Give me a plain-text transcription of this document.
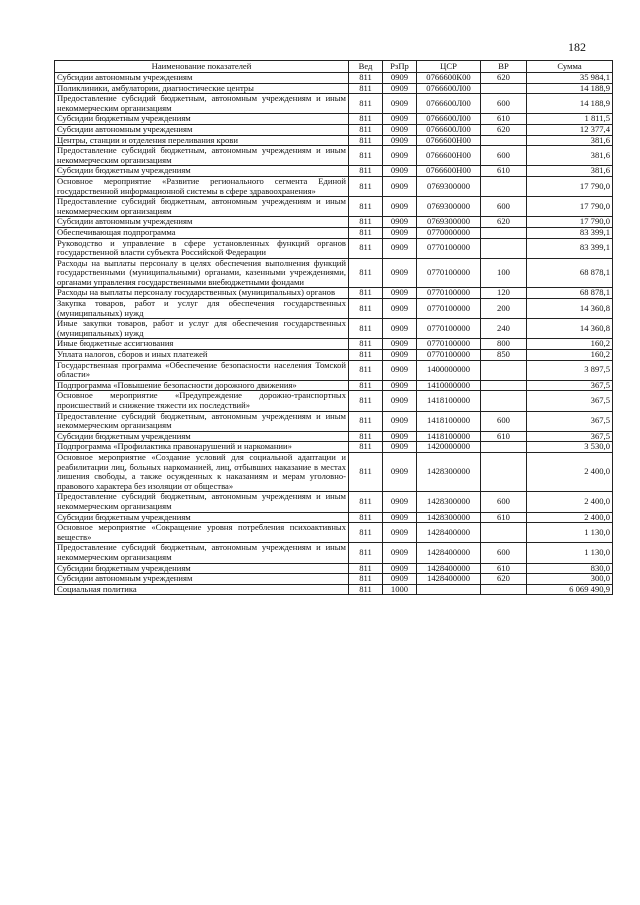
182
Наименование показателей	Вед	РзПр	ЦСР	ВР	Сумма
Субсидии автономным учреждениям	811	0909	0766600К00	620	35 984,1
Поликлиники, амбулатории, диагностические центры	811	0909	0766600Л00		14 188,9
Предоставление субсидий бюджетным, автономным учреждениям и иным некоммерческим организациям	811	0909	0766600Л00	600	14 188,9
Субсидии бюджетным учреждениям	811	0909	0766600Л00	610	1 811,5
Субсидии автономным учреждениям	811	0909	0766600Л00	620	12 377,4
Центры, станции и отделения переливания крови	811	0909	0766600Н00		381,6
Предоставление субсидий бюджетным, автономным учреждениям и иным некоммерческим организациям	811	0909	0766600Н00	600	381,6
Субсидии бюджетным учреждениям	811	0909	0766600Н00	610	381,6
Основное мероприятие «Развитие регионального сегмента Единой государственной информационной системы в сфере здравоохранения»	811	0909	0769300000		17 790,0
Предоставление субсидий бюджетным, автономным учреждениям и иным некоммерческим организациям	811	0909	0769300000	600	17 790,0
Субсидии автономным учреждениям	811	0909	0769300000	620	17 790,0
Обеспечивающая подпрограмма	811	0909	0770000000		83 399,1
Руководство и управление в сфере установленных функций органов государственной власти субъекта Российской Федерации	811	0909	0770100000		83 399,1
Расходы на выплаты персоналу в целях обеспечения выполнения функций государственными (муниципальными) органами, казенными учреждениями, органами управления государственными внебюджетными фондами	811	0909	0770100000	100	68 878,1
Расходы на выплаты персоналу государственных (муниципальных) органов	811	0909	0770100000	120	68 878,1
Закупка товаров, работ и услуг для обеспечения государственных (муниципальных) нужд	811	0909	0770100000	200	14 360,8
Иные закупки товаров, работ и услуг для обеспечения государственных (муниципальных) нужд	811	0909	0770100000	240	14 360,8
Иные бюджетные ассигнования	811	0909	0770100000	800	160,2
Уплата налогов, сборов и иных платежей	811	0909	0770100000	850	160,2
Государственная программа «Обеспечение безопасности населения Томской области»	811	0909	1400000000		3 897,5
Подпрограмма «Повышение безопасности дорожного движения»	811	0909	1410000000		367,5
Основное мероприятие «Предупреждение дорожно-транспортных происшествий и снижение тяжести их последствий»	811	0909	1418100000		367,5
Предоставление субсидий бюджетным, автономным учреждениям и иным некоммерческим организациям	811	0909	1418100000	600	367,5
Субсидии бюджетным учреждениям	811	0909	1418100000	610	367,5
Подпрограмма «Профилактика правонарушений и наркомании»	811	0909	1420000000		3 530,0
Основное мероприятие «Создание условий для социальной адаптации и реабилитации лиц, больных наркоманией, лиц, отбывших наказание в местах лишения свободы, а также осужденных к наказаниям и мерам уголовно-правового характера без изоляции от общества»	811	0909	1428300000		2 400,0
Предоставление субсидий бюджетным, автономным учреждениям и иным некоммерческим организациям	811	0909	1428300000	600	2 400,0
Субсидии бюджетным учреждениям	811	0909	1428300000	610	2 400,0
Основное мероприятие «Сокращение уровня потребления психоактивных веществ»	811	0909	1428400000		1 130,0
Предоставление субсидий бюджетным, автономным учреждениям и иным некоммерческим организациям	811	0909	1428400000	600	1 130,0
Субсидии бюджетным учреждениям	811	0909	1428400000	610	830,0
Субсидии автономным учреждениям	811	0909	1428400000	620	300,0
Социальная политика	811	1000			6 069 490,9
